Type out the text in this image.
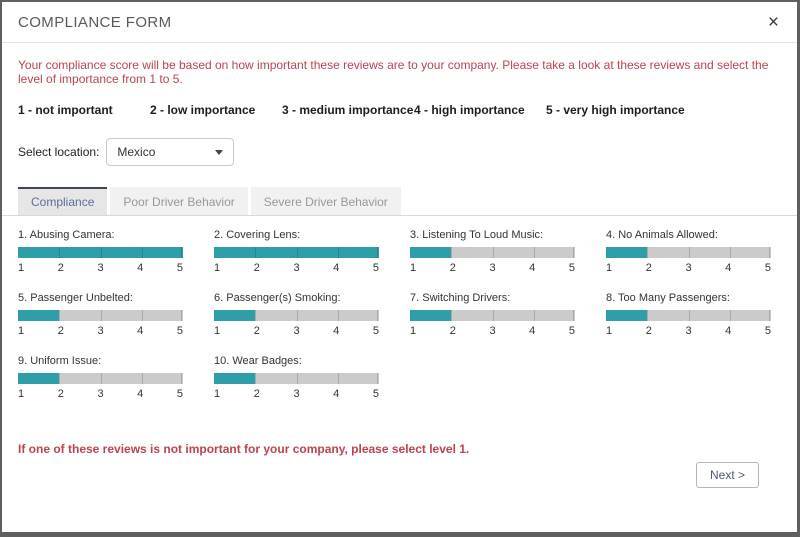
COMPLIANCE FORM	×
Your compliance score will be based on how important these reviews are to your company. Please take a look at these reviews and select the level of importance from 1 to 5.
1 - not important	2 - low importance	3 - medium importance 4 - high importance	5 - very high importance
Select location: Mexico
Compliance	Poor Driver Behavior	Severe Driver Behavior
1. Abusing Camera:
1	2	3	4	5
2. Covering Lens:
1	2	3	4	5
3. Listening To Loud Music:
1	2	3	4	5
4. No Animals Allowed:
1	2	3	4	5
5. Passenger Unbelted:
1	2	3	4	5
6. Passenger(s) Smoking:
1	2	3	4	5
7. Switching Drivers:
1	2	3	4	5
8. Too Many Passengers:
1	2	3	4	5
9. Uniform Issue:
1	2	3	4	5
10. Wear Badges:
1	2	3	4	5
If one of these reviews is not important for your company, please select level 1.
Next >
